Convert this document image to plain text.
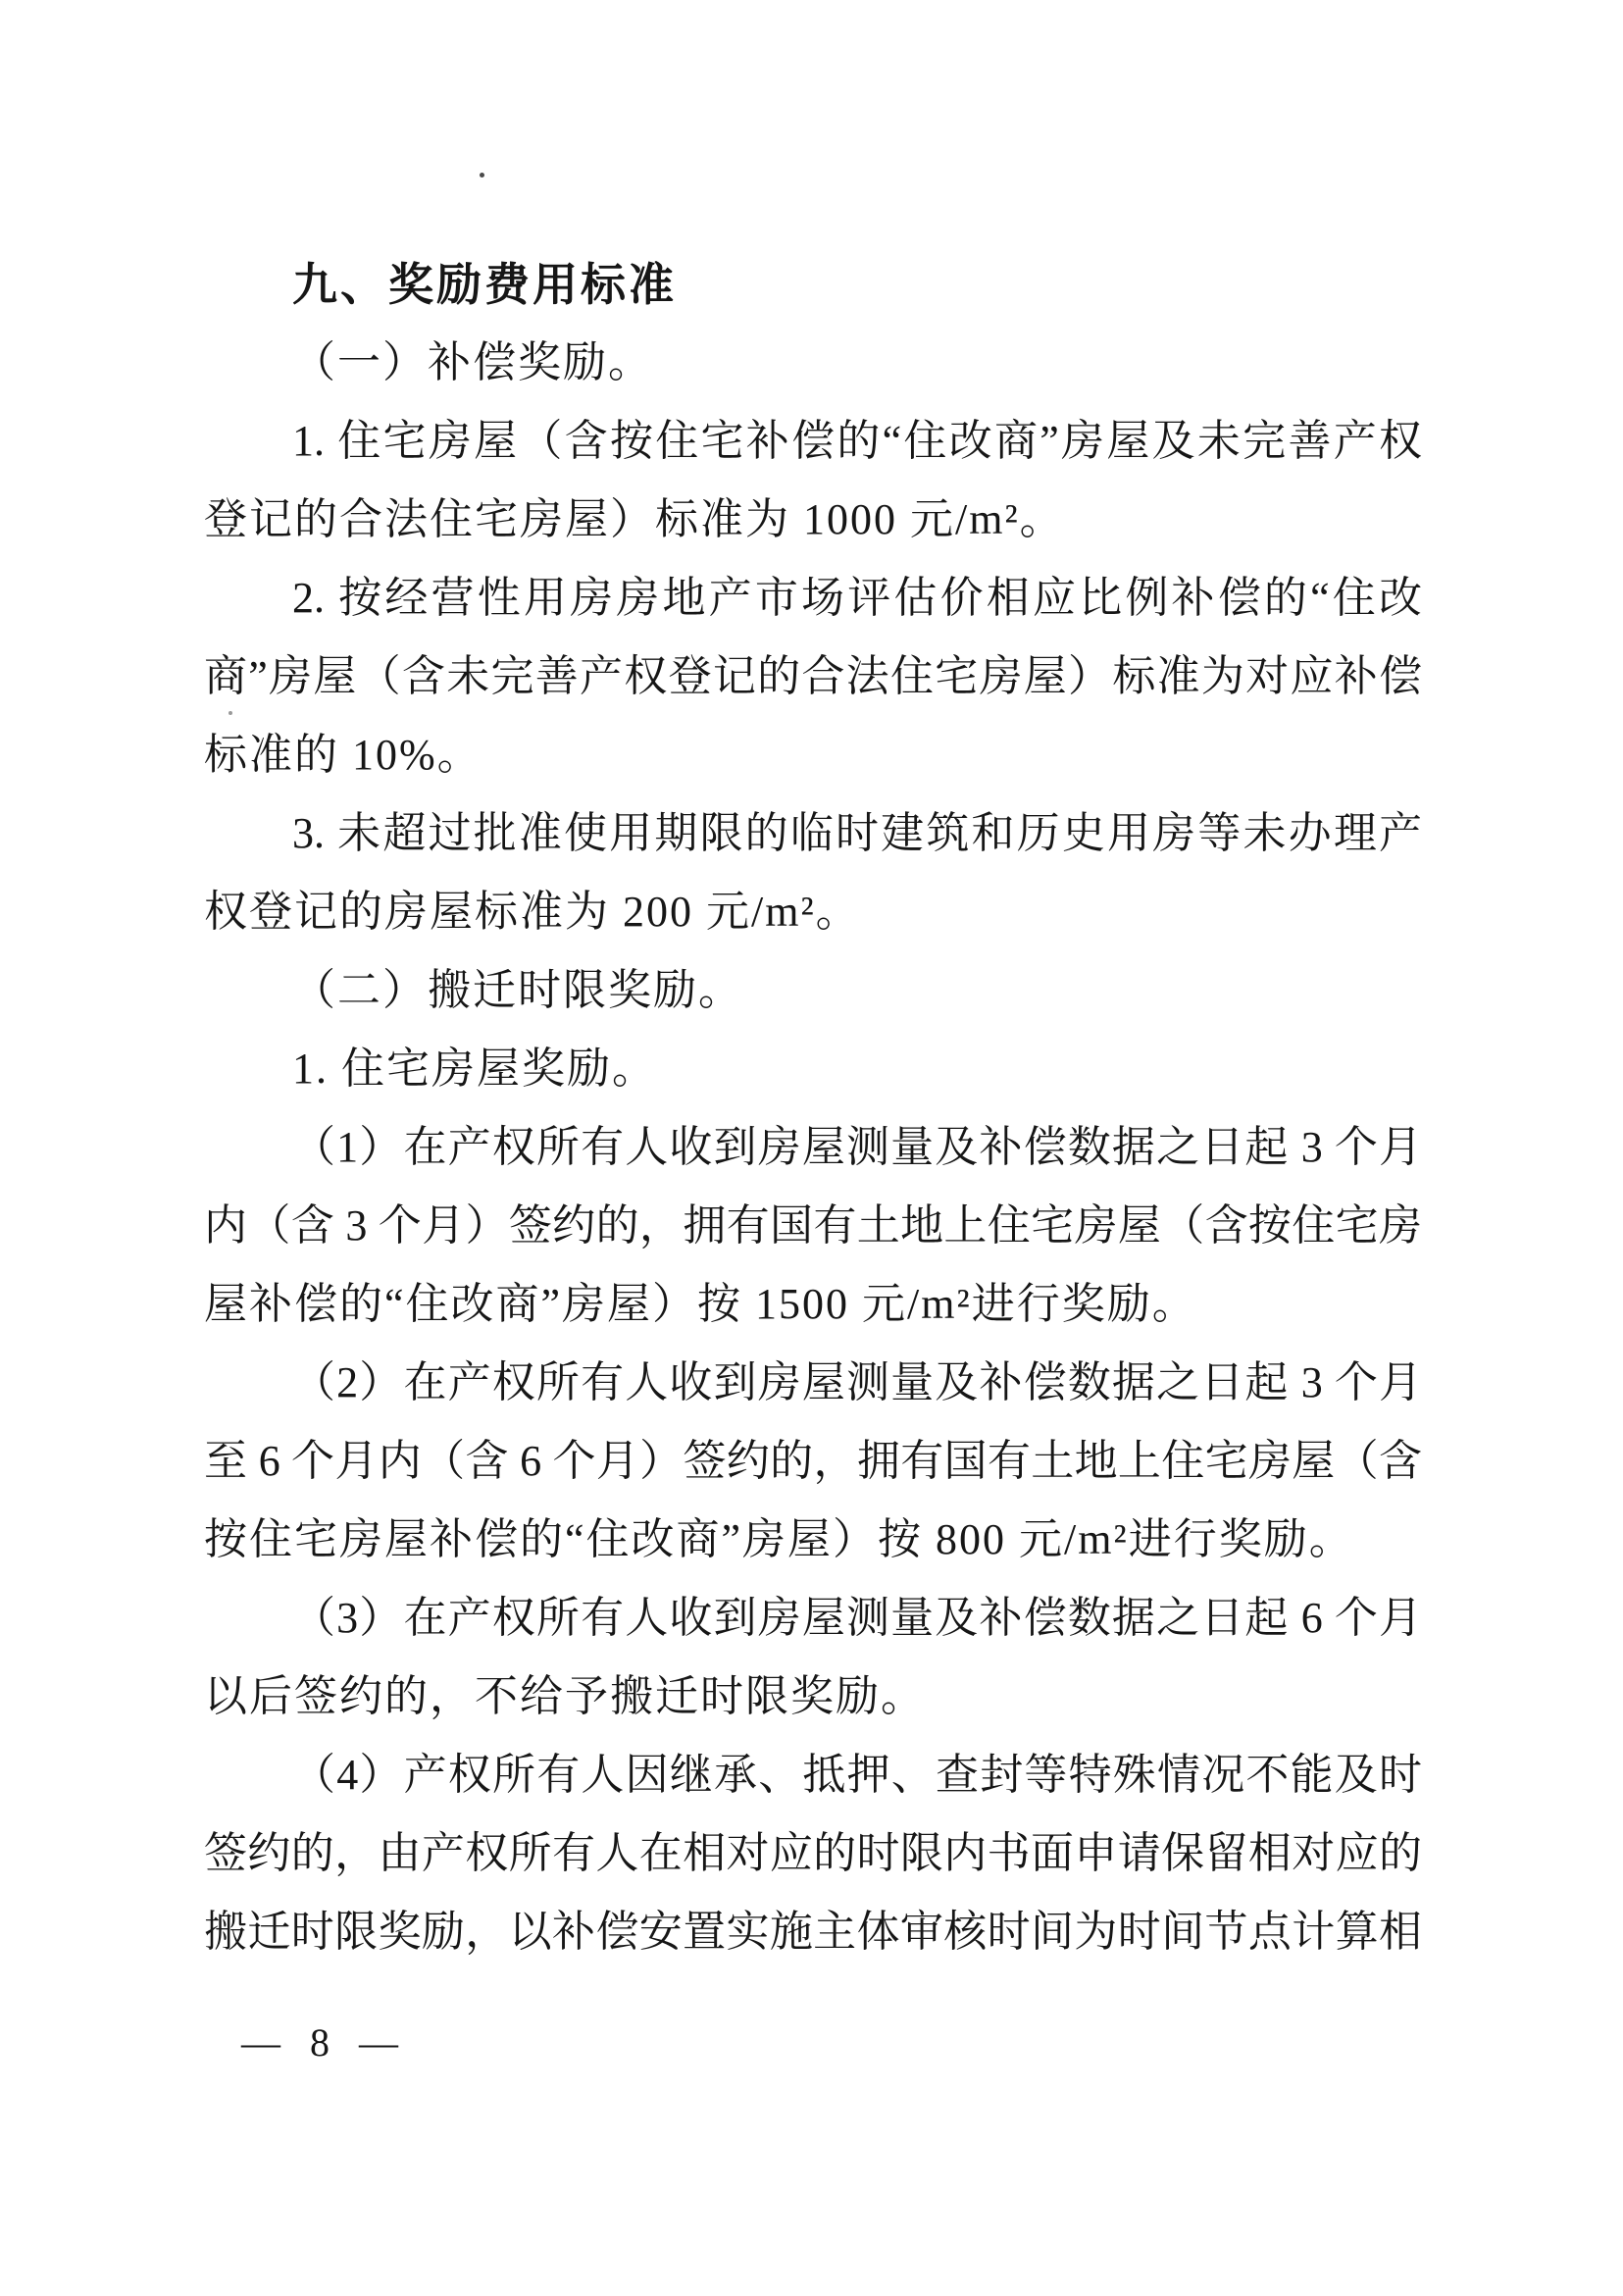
九、奖励费用标准
（一）补偿奖励。
1. 住宅房屋（含按住宅补偿的“住改商”房屋及未完善产权
登记的合法住宅房屋）标准为 1000 元/m²。
2. 按经营性用房房地产市场评估价相应比例补偿的“住改
商”房屋（含未完善产权登记的合法住宅房屋）标准为对应补偿
标准的 10%。
3. 未超过批准使用期限的临时建筑和历史用房等未办理产
权登记的房屋标准为 200 元/m²。
（二）搬迁时限奖励。
1. 住宅房屋奖励。
（1）在产权所有人收到房屋测量及补偿数据之日起 3 个月
内（含 3 个月）签约的，拥有国有土地上住宅房屋（含按住宅房
屋补偿的“住改商”房屋）按 1500 元/m²进行奖励。
（2）在产权所有人收到房屋测量及补偿数据之日起 3 个月
至 6 个月内（含 6 个月）签约的，拥有国有土地上住宅房屋（含
按住宅房屋补偿的“住改商”房屋）按 800 元/m²进行奖励。
（3）在产权所有人收到房屋测量及补偿数据之日起 6 个月
以后签约的，不给予搬迁时限奖励。
（4）产权所有人因继承、抵押、查封等特殊情况不能及时
签约的，由产权所有人在相对应的时限内书面申请保留相对应的
搬迁时限奖励，以补偿安置实施主体审核时间为时间节点计算相
— 8 —
